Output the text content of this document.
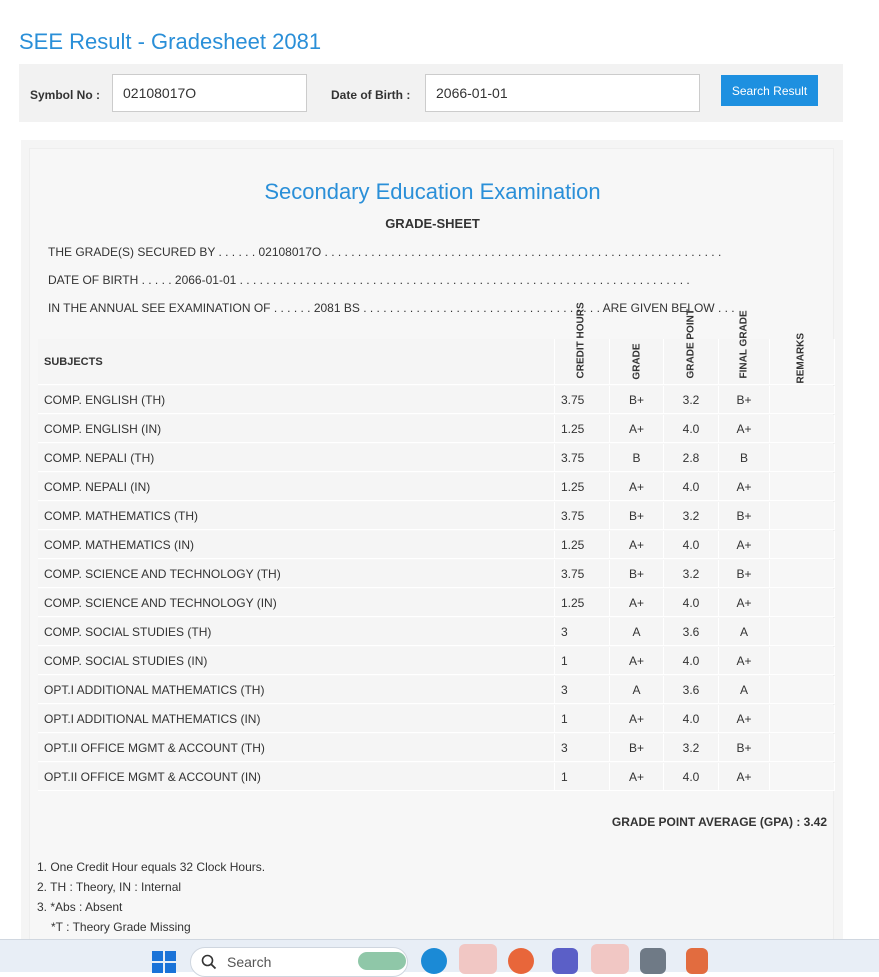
SEE Result - Gradesheet 2081
Symbol No :	02108017O	Date of Birth :	2066-01-01	Search Result
Secondary Education Examination
GRADE-SHEET
THE GRADE(S) SECURED BY . . . . . . 02108017O . . . . . . . . . . . . . . . . . . . . . . . . . . . . . . . . . . . . . . . . . . . . . . . . . . . . . . . . . . . .
DATE OF BIRTH . . . . . 2066-01-01 . . . . . . . . . . . . . . . . . . . . . . . . . . . . . . . . . . . . . . . . . . . . . . . . . . . . . . . . . . . . . . . . . . . .
IN THE ANNUAL SEE EXAMINATION OF . . . . . . 2081 BS . . . . . . . . . . . . . . . . . . . . . . . . . . . . . . . . . . . . ARE GIVEN BELOW . . .
SUBJECTS	CREDIT HOURS	GRADE	GRADE POINT	FINAL GRADE	REMARKS
COMP. ENGLISH (TH)	3.75	B+	3.2	B+
COMP. ENGLISH (IN)	1.25	A+	4.0	A+
COMP. NEPALI (TH)	3.75	B	2.8	B
COMP. NEPALI (IN)	1.25	A+	4.0	A+
COMP. MATHEMATICS (TH)	3.75	B+	3.2	B+
COMP. MATHEMATICS (IN)	1.25	A+	4.0	A+
COMP. SCIENCE AND TECHNOLOGY (TH)	3.75	B+	3.2	B+
COMP. SCIENCE AND TECHNOLOGY (IN)	1.25	A+	4.0	A+
COMP. SOCIAL STUDIES (TH)	3	A	3.6	A
COMP. SOCIAL STUDIES (IN)	1	A+	4.0	A+
OPT.I ADDITIONAL MATHEMATICS (TH)	3	A	3.6	A
OPT.I ADDITIONAL MATHEMATICS (IN)	1	A+	4.0	A+
OPT.II OFFICE MGMT & ACCOUNT (TH)	3	B+	3.2	B+
OPT.II OFFICE MGMT & ACCOUNT (IN)	1	A+	4.0	A+
GRADE POINT AVERAGE (GPA) : 3.42
1. One Credit Hour equals 32 Clock Hours.
2. TH : Theory, IN : Internal
3. *Abs : Absent
*T : Theory Grade Missing
Search
